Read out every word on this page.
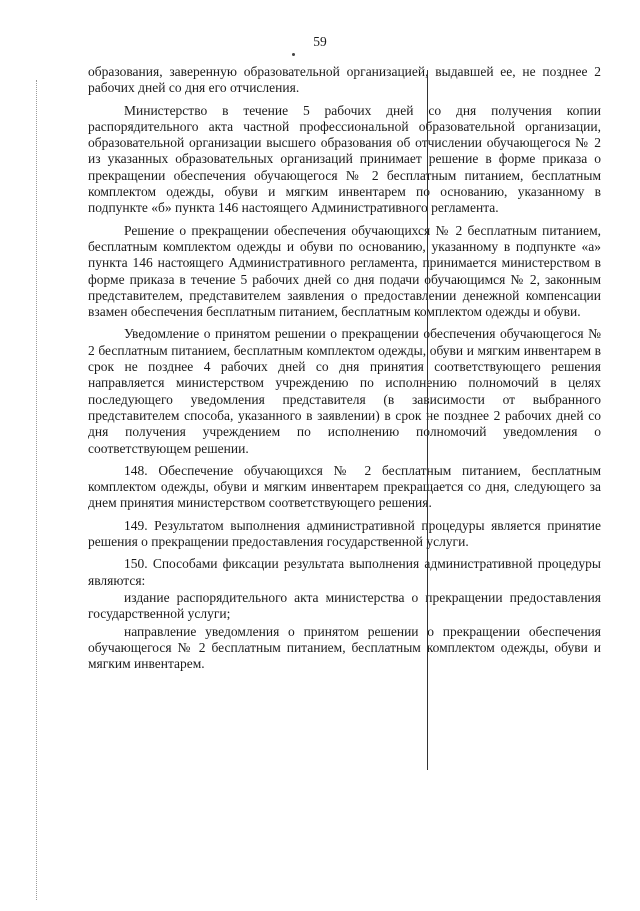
59

образования, заверенную образовательной организацией, выдавшей ее, не позднее 2 рабочих дней со дня его отчисления.

Министерство в течение 5 рабочих дней со дня получения копии распорядительного акта частной профессиональной образовательной организации, образовательной организации высшего образования об отчислении обучающегося № 2 из указанных образовательных организаций принимает решение в форме приказа о прекращении обеспечения обучающегося № 2 бесплатным питанием, бесплатным комплектом одежды, обуви и мягким инвентарем по основанию, указанному в подпункте «б» пункта 146 настоящего Административного регламента.

Решение о прекращении обеспечения обучающихся № 2 бесплатным питанием, бесплатным комплектом одежды и обуви по основанию, указанному в подпункте «а» пункта 146 настоящего Административного регламента, принимается министерством в форме приказа в течение 5 рабочих дней со дня подачи обучающимся № 2, законным представителем, представителем заявления о предоставлении денежной компенсации взамен обеспечения бесплатным питанием, бесплатным комплектом одежды и обуви.

Уведомление о принятом решении о прекращении обеспечения обучающегося № 2 бесплатным питанием, бесплатным комплектом одежды, обуви и мягким инвентарем в срок не позднее 4 рабочих дней со дня принятия соответствующего решения направляется министерством учреждению по исполнению полномочий в целях последующего уведомления представителя (в зависимости от выбранного представителем способа, указанного в заявлении) в срок не позднее 2 рабочих дней со дня получения учреждением по исполнению полномочий уведомления о соответствующем решении.

148. Обеспечение обучающихся № 2 бесплатным питанием, бесплатным комплектом одежды, обуви и мягким инвентарем прекращается со дня, следующего за днем принятия министерством соответствующего решения.

149. Результатом выполнения административной процедуры является принятие решения о прекращении предоставления государственной услуги.

150. Способами фиксации результата выполнения административной процедуры являются:

издание распорядительного акта министерства о прекращении предоставления государственной услуги;

направление уведомления о принятом решении о прекращении обеспечения обучающегося № 2 бесплатным питанием, бесплатным комплектом одежды, обуви и мягким инвентарем.
